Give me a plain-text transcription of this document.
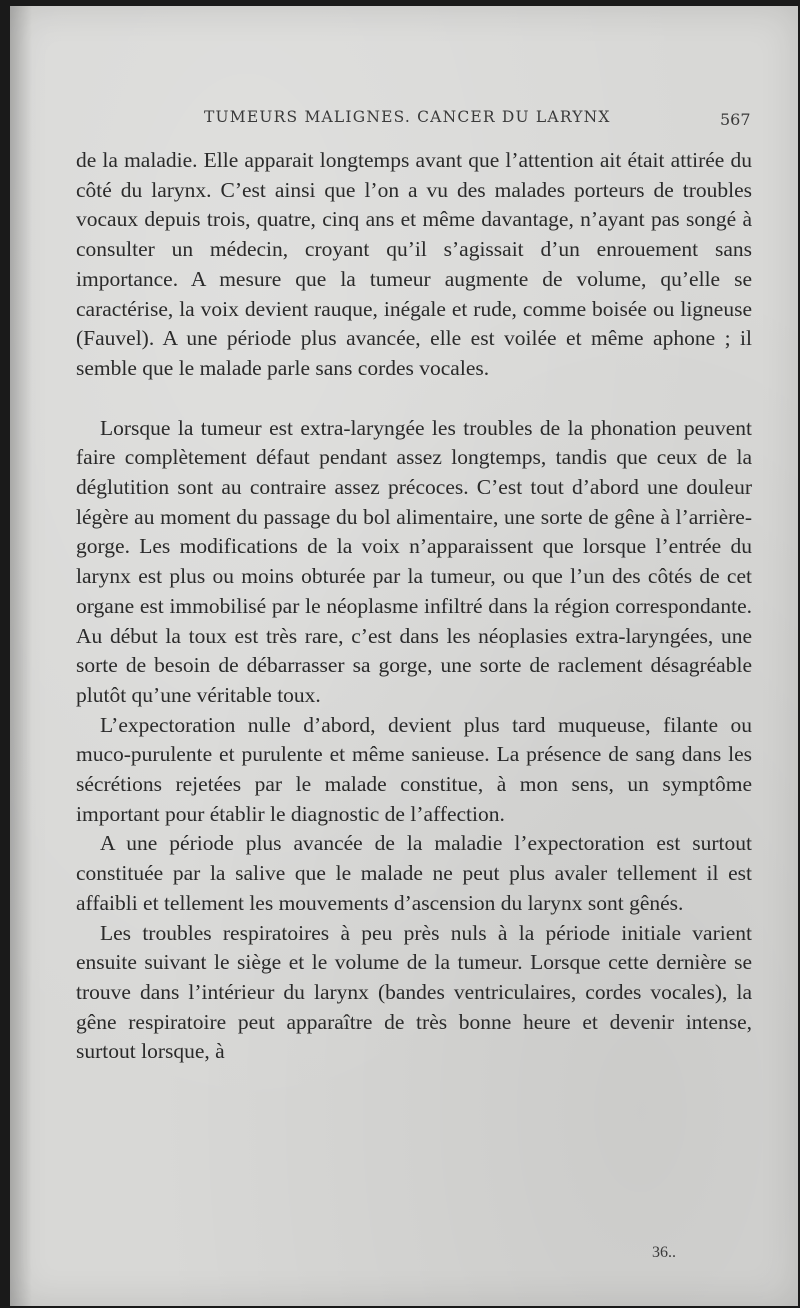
TUMEURS MALIGNES. CANCER DU LARYNX	567

de la maladie. Elle apparait longtemps avant que l’attention ait était attirée du côté du larynx. C’est ainsi que l’on a vu des malades porteurs de troubles vocaux depuis trois, quatre, cinq ans et même davantage, n’ayant pas songé à consulter un médecin, croyant qu’il s’agissait d’un enrouement sans importance. A mesure que la tumeur augmente de volume, qu’elle se caractérise, la voix devient rauque, inégale et rude, comme boisée ou ligneuse (Fauvel). A une période plus avancée, elle est voilée et même aphone ; il semble que le malade parle sans cordes vocales.

Lorsque la tumeur est extra-laryngée les troubles de la phonation peuvent faire complètement défaut pendant assez longtemps, tandis que ceux de la déglutition sont au contraire assez précoces. C’est tout d’abord une douleur légère au moment du passage du bol alimentaire, une sorte de gêne à l’arrière-gorge. Les modifications de la voix n’apparaissent que lorsque l’entrée du larynx est plus ou moins obturée par la tumeur, ou que l’un des côtés de cet organe est immobilisé par le néoplasme infiltré dans la région correspondante. Au début la toux est très rare, c’est dans les néoplasies extra-laryngées, une sorte de besoin de débarrasser sa gorge, une sorte de raclement désagréable plutôt qu’une véritable toux.

L’expectoration nulle d’abord, devient plus tard muqueuse, filante ou muco-purulente et purulente et même sanieuse. La présence de sang dans les sécrétions rejetées par le malade constitue, à mon sens, un symptôme important pour établir le diagnostic de l’affection.

A une période plus avancée de la maladie l’expectoration est surtout constituée par la salive que le malade ne peut plus avaler tellement il est affaibli et tellement les mouvements d’ascension du larynx sont gênés.

Les troubles respiratoires à peu près nuls à la période initiale varient ensuite suivant le siège et le volume de la tumeur. Lorsque cette dernière se trouve dans l’intérieur du larynx (bandes ventriculaires, cordes vocales), la gêne respiratoire peut apparaître de très bonne heure et devenir intense, surtout lorsque, à

36..
